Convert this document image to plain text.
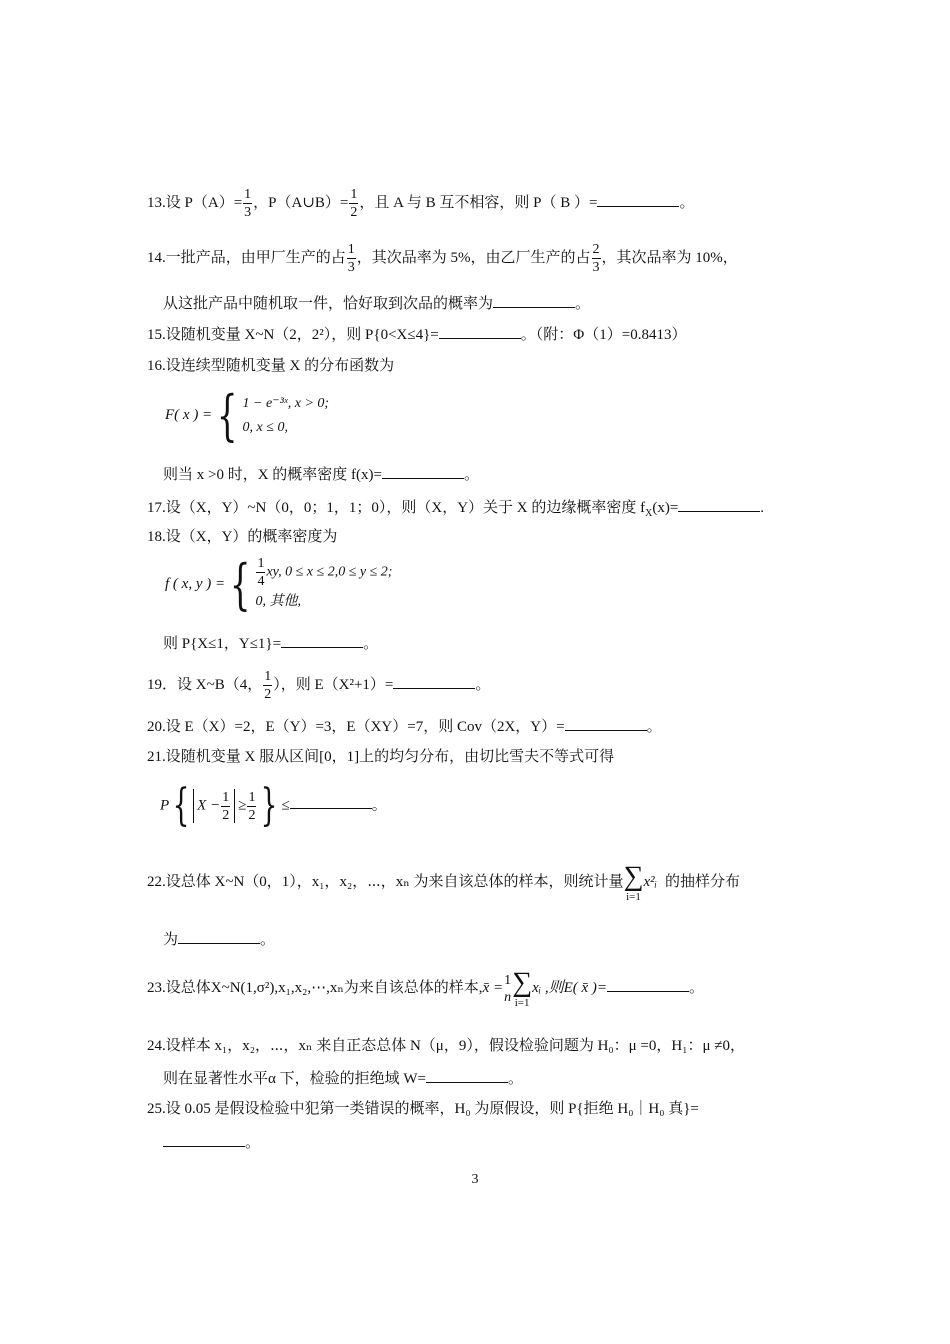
13.设 $P(A)= \frac{1}{3}$ ，P（A∪B）= $\frac{1}{2}$ ，且 A 与 B 互不相容，则 P（ B ）=	。
14.一批产品，由甲厂生产的占 $\frac{1}{3}$ ，其次品率为 5%，由乙厂生产的占 $\frac{2}{3}$ ，其次品率为 10%，
从这批产品中随机取一件，恰好取到次品的概率为	。
15.设随机变量 X~N（2，2²），则 P{0<X≤4}=	。（附：Φ（1）=0.8413）
16.设连续型随机变量 X 的分布函数为
F( x ) ={ 1 − e⁻³ˣ, x > 0;
0, x ≤ 0,
则当 x >0 时，X 的概率密度 f(x)=	。
17.设（X，Y）~N（0，0；1，1；0），则（X，Y）关于 X 的边缘概率密度 $f_X(x)=$	.
18.设（X，Y）的概率密度为
f ( x, y ) ={ $\frac{1}{4}$ xy, 0 ≤ x ≤ 2,0 ≤ y ≤ 2;
0, 其他,
则 P{X≤1，Y≤1}=	。
19．设 X~B（4， $\frac{1}{2}$ ），则 E（X²+1）=	。
20.设 E（X）=2，E（Y）=3，E（XY）=7，则 Cov（2X，Y）=	。
21.设随机变量 X 服从区间[0，1]上的均匀分布，由切比雪夫不等式可得
P{ $X - \frac{1}{2} \ge \frac{1}{2}$ } ≤	。
22.设总体 X~N（0，1），x₁，x₂，⋯，xₙ 为来自该总体的样本，则统计量 ∑
i=1x²ᵢ 的抽样分布
为	。
23.设总体X~N(1,σ²),x₁,x₂,⋯,xₙ为来自该总体的样本,x̄ = 1
n ∑
i=1xᵢ ,则E( x̄ )=	。
24.设样本 x₁，x₂，⋯，xₙ 来自正态总体 N（μ，9），假设检验问题为 H₀：μ =0，H₁：μ ≠0，
则在显著性水平α 下，检验的拒绝域 W=	。
25.设 0.05 是假设检验中犯第一类错误的概率，H₀ 为原假设，则 P{拒绝 H₀｜H₀ 真}=
。
3
